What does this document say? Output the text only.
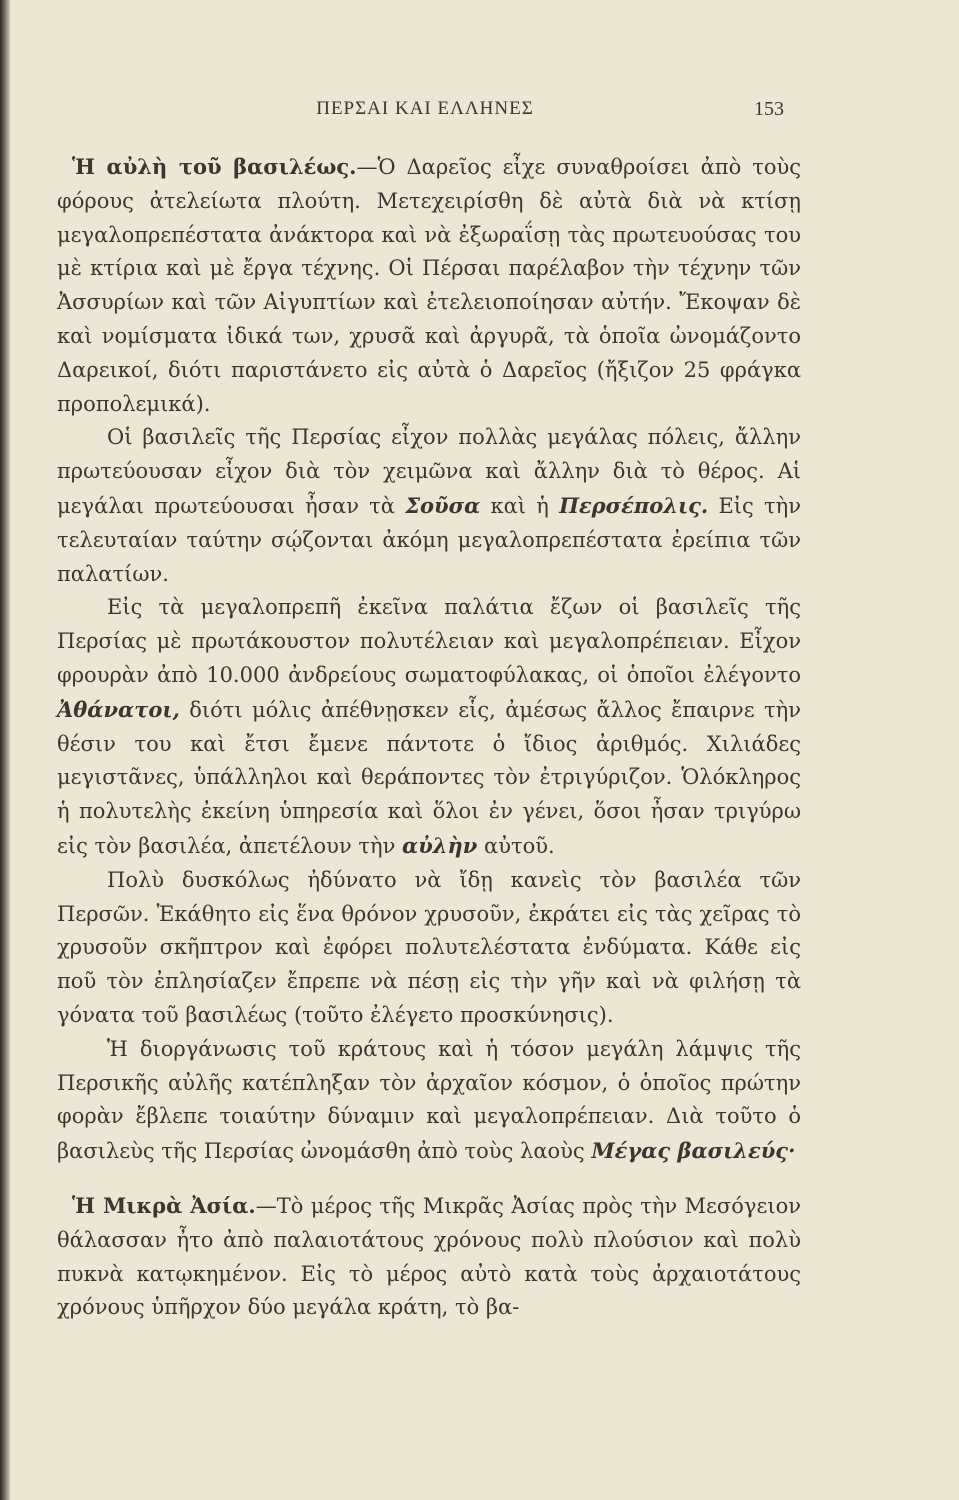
ΠΕΡΣΑΙ ΚΑΙ ΕΛΛΗΝΕΣ	153

Ἡ αὐλὴ τοῦ βασιλέως.—Ὁ Δαρεῖος εἶχε συναθροίσει ἀπὸ τοὺς φόρους ἀτελείωτα πλούτη. Μετεχειρίσθη δὲ αὐτὰ διὰ νὰ κτίσῃ μεγαλοπρεπέστατα ἀνάκτορα καὶ νὰ ἐξωραΐσῃ τὰς πρωτευούσας του μὲ κτίρια καὶ μὲ ἔργα τέχνης. Οἱ Πέρσαι παρέλαβον τὴν τέχνην τῶν Ἀσσυρίων καὶ τῶν Αἰγυπτίων καὶ ἐτελειοποίησαν αὐτήν. Ἔκοψαν δὲ καὶ νομίσματα ἰδικά των, χρυσᾶ καὶ ἀργυρᾶ, τὰ ὁποῖα ὠνομάζοντο Δαρεικοί, διότι παριστάνετο εἰς αὐτὰ ὁ Δαρεῖος (ἤξιζον 25 φράγκα προπολεμικά).

Οἱ βασιλεῖς τῆς Περσίας εἶχον πολλὰς μεγάλας πόλεις, ἄλλην πρωτεύουσαν εἶχον διὰ τὸν χειμῶνα καὶ ἄλλην διὰ τὸ θέρος. Αἱ μεγάλαι πρωτεύουσαι ἦσαν τὰ Σοῦσα καὶ ἡ Περσέπολις. Εἰς τὴν τελευταίαν ταύτην σῴζονται ἀκόμη μεγαλοπρεπέστατα ἐρείπια τῶν παλατίων.

Εἰς τὰ μεγαλοπρεπῆ ἐκεῖνα παλάτια ἔζων οἱ βασιλεῖς τῆς Περσίας μὲ πρωτάκουστον πολυτέλειαν καὶ μεγαλοπρέπειαν. Εἶχον φρουρὰν ἀπὸ 10.000 ἀνδρείους σωματοφύλακας, οἱ ὁποῖοι ἐλέγοντο Ἀθάνατοι, διότι μόλις ἀπέθνῃσκεν εἷς, ἀμέσως ἄλλος ἔπαιρνε τὴν θέσιν του καὶ ἔτσι ἔμενε πάντοτε ὁ ἴδιος ἀριθμός. Χιλιάδες μεγιστᾶνες, ὑπάλληλοι καὶ θεράποντες τὸν ἐτριγύριζον. Ὁλόκληρος ἡ πολυτελὴς ἐκείνη ὑπηρεσία καὶ ὅλοι ἐν γένει, ὅσοι ἦσαν τριγύρω εἰς τὸν βασιλέα, ἀπετέλουν τὴν αὐλὴν αὐτοῦ.

Πολὺ δυσκόλως ἠδύνατο νὰ ἴδῃ κανεὶς τὸν βασιλέα τῶν Περσῶν. Ἐκάθητο εἰς ἕνα θρόνον χρυσοῦν, ἐκράτει εἰς τὰς χεῖρας τὸ χρυσοῦν σκῆπτρον καὶ ἐφόρει πολυτελέστατα ἐνδύματα. Κάθε εἰς ποῦ τὸν ἐπλησίαζεν ἔπρεπε νὰ πέσῃ εἰς τὴν γῆν καὶ νὰ φιλήσῃ τὰ γόνατα τοῦ βασιλέως (τοῦτο ἐλέγετο προσκύνησις).

Ἡ διοργάνωσις τοῦ κράτους καὶ ἡ τόσον μεγάλη λάμψις τῆς Περσικῆς αὐλῆς κατέπληξαν τὸν ἀρχαῖον κόσμον, ὁ ὁποῖος πρώτην φορὰν ἔβλεπε τοιαύτην δύναμιν καὶ μεγαλοπρέπειαν. Διὰ τοῦτο ὁ βασιλεὺς τῆς Περσίας ὠνομάσθη ἀπὸ τοὺς λαοὺς Μέγας βασιλεύς·

Ἡ Μικρὰ Ἀσία.—Τὸ μέρος τῆς Μικρᾶς Ἀσίας πρὸς τὴν Μεσόγειον θάλασσαν ἦτο ἀπὸ παλαιοτάτους χρόνους πολὺ πλούσιον καὶ πολὺ πυκνὰ κατῳκημένον. Εἰς τὸ μέρος αὐτὸ κατὰ τοὺς ἀρχαιοτάτους χρόνους ὑπῆρχον δύο μεγάλα κράτη, τὸ βα-
